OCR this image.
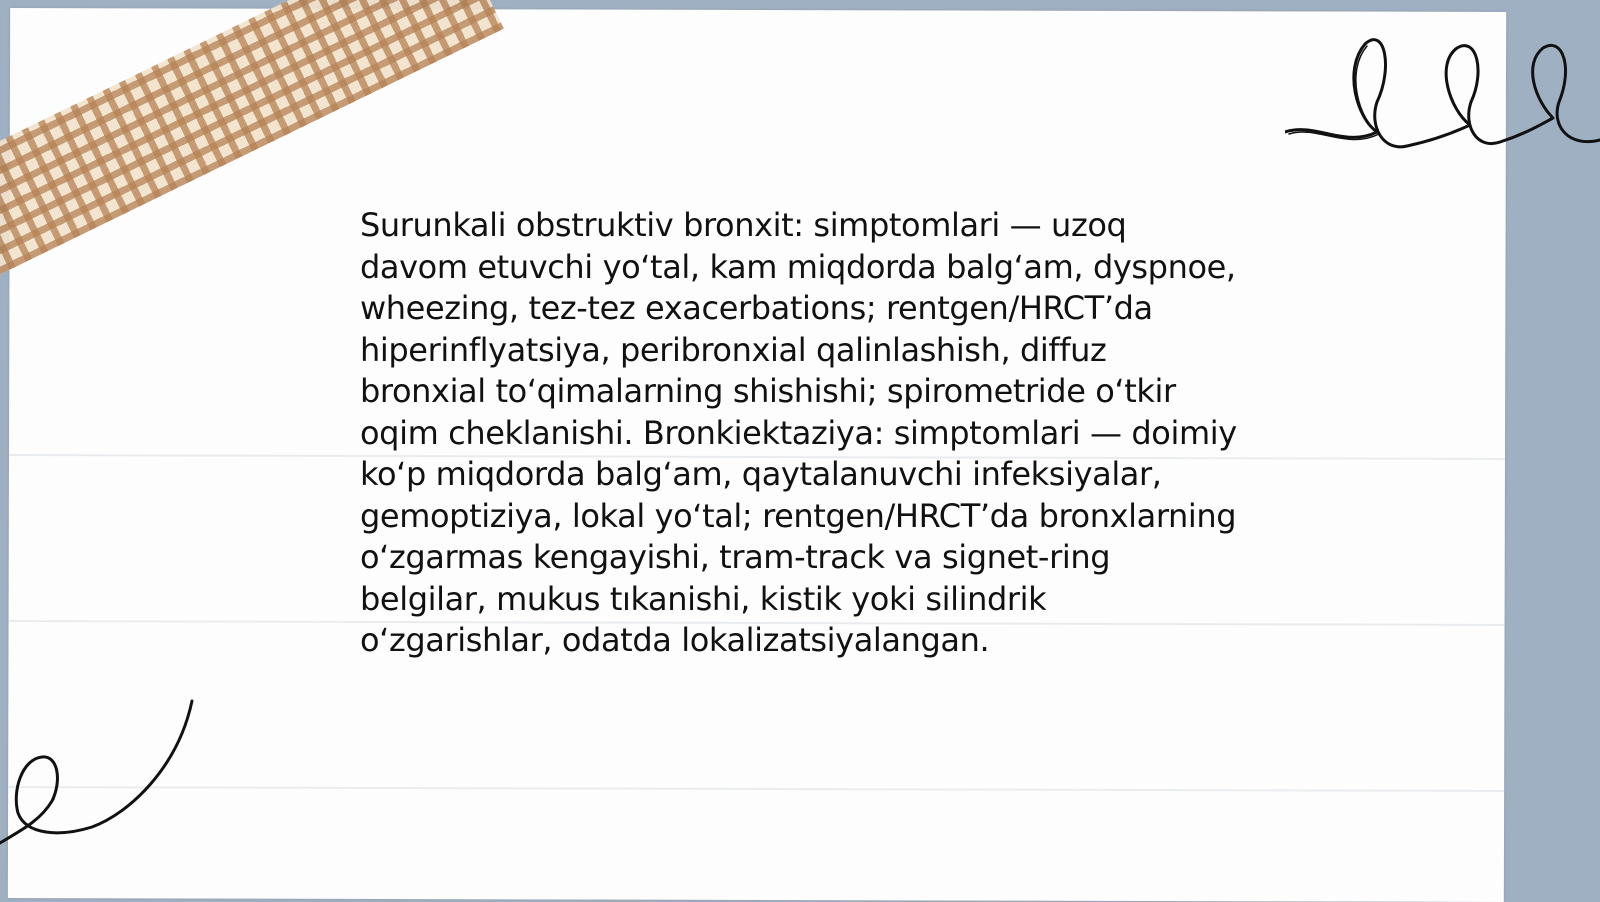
Surunkali obstruktiv bronxit: simptomlari — uzoq davom etuvchi yo‘tal, kam miqdorda balg‘am, dyspnoe, wheezing, tez-tez exacerbations; rentgen/HRCT’da hiperinflyatsiya, peribronxial qalinlashish, diffuz bronxial to‘qimalarning shishishi; spirometride o‘tkir oqim cheklanishi. Bronkiektaziya: simptomlari — doimiy ko‘p miqdorda balg‘am, qaytalanuvchi infeksiyalar, gemoptiziya, lokal yo‘tal; rentgen/HRCT’da bronxlarning o‘zgarmas kengayishi, tram-track va signet-ring belgilar, mukus tıkanishi, kistik yoki silindrik o‘zgarishlar, odatda lokalizatsiyalangan.
